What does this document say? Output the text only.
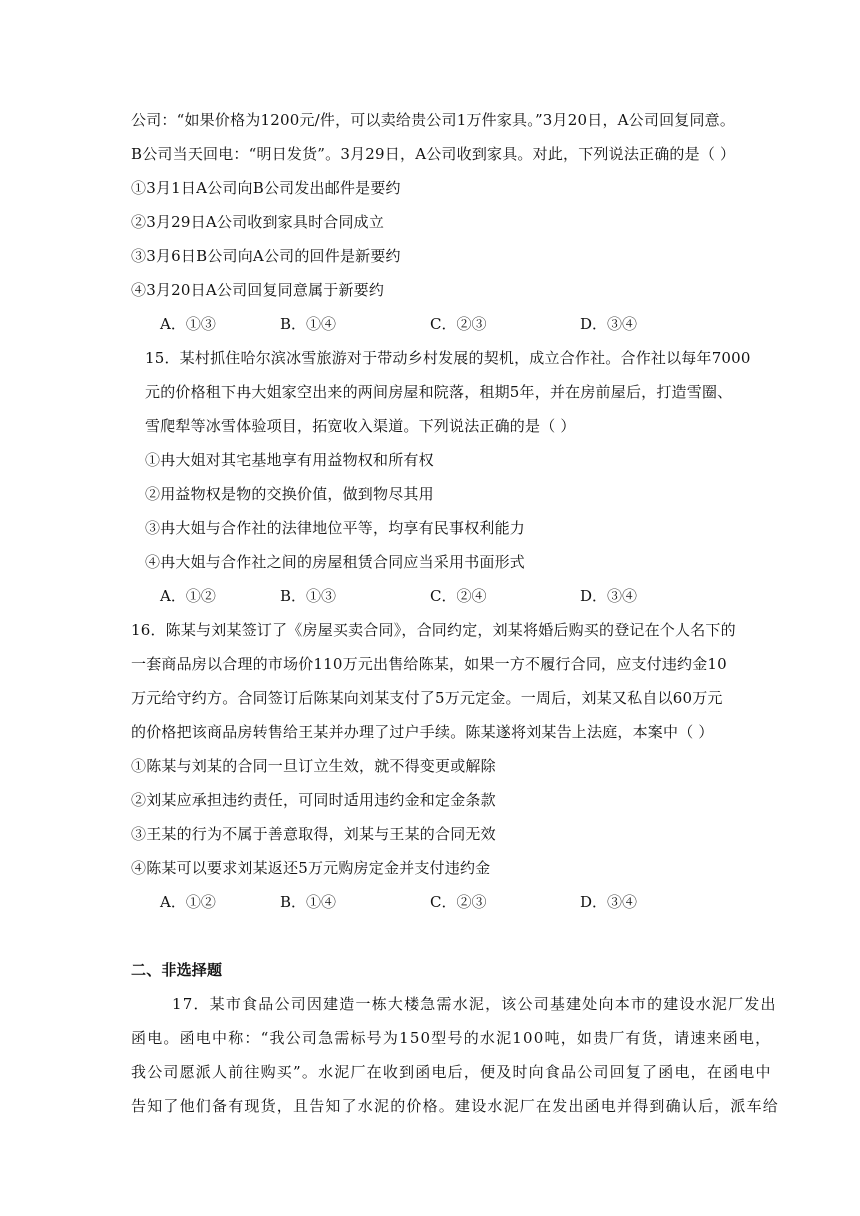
公司：“如果价格为1200元/件，可以卖给贵公司1万件家具。”3月20日，A公司回复同意。
B公司当天回电：“明日发货”。3月29日，A公司收到家具。对此，下列说法正确的是（ ）
①3月1日A公司向B公司发出邮件是要约
②3月29日A公司收到家具时合同成立
③3月6日B公司向A公司的回件是新要约
④3月20日A公司回复同意属于新要约
A．①③	B．①④	C．②③	D．③④
15．某村抓住哈尔滨冰雪旅游对于带动乡村发展的契机，成立合作社。合作社以每年7000
元的价格租下冉大姐家空出来的两间房屋和院落，租期5年，并在房前屋后，打造雪圈、
雪爬犁等冰雪体验项目，拓宽收入渠道。下列说法正确的是（ ）
①冉大姐对其宅基地享有用益物权和所有权
②用益物权是物的交换价值，做到物尽其用
③冉大姐与合作社的法律地位平等，均享有民事权利能力
④冉大姐与合作社之间的房屋租赁合同应当采用书面形式
A．①②	B．①③	C．②④	D．③④
16．陈某与刘某签订了《房屋买卖合同》，合同约定，刘某将婚后购买的登记在个人名下的
一套商品房以合理的市场价110万元出售给陈某，如果一方不履行合同，应支付违约金10
万元给守约方。合同签订后陈某向刘某支付了5万元定金。一周后，刘某又私自以60万元
的价格把该商品房转售给王某并办理了过户手续。陈某遂将刘某告上法庭，本案中（ ）
①陈某与刘某的合同一旦订立生效，就不得变更或解除
②刘某应承担违约责任，可同时适用违约金和定金条款
③王某的行为不属于善意取得，刘某与王某的合同无效
④陈某可以要求刘某返还5万元购房定金并支付违约金
A．①②	B．①④	C．②③	D．③④
二、非选择题
17．某市食品公司因建造一栋大楼急需水泥，该公司基建处向本市的建设水泥厂发出
函电。函电中称：“我公司急需标号为150型号的水泥100吨，如贵厂有货，请速来函电，
我公司愿派人前往购买”。水泥厂在收到函电后，便及时向食品公司回复了函电，在函电中
告知了他们备有现货，且告知了水泥的价格。建设水泥厂在发出函电并得到确认后，派车给
